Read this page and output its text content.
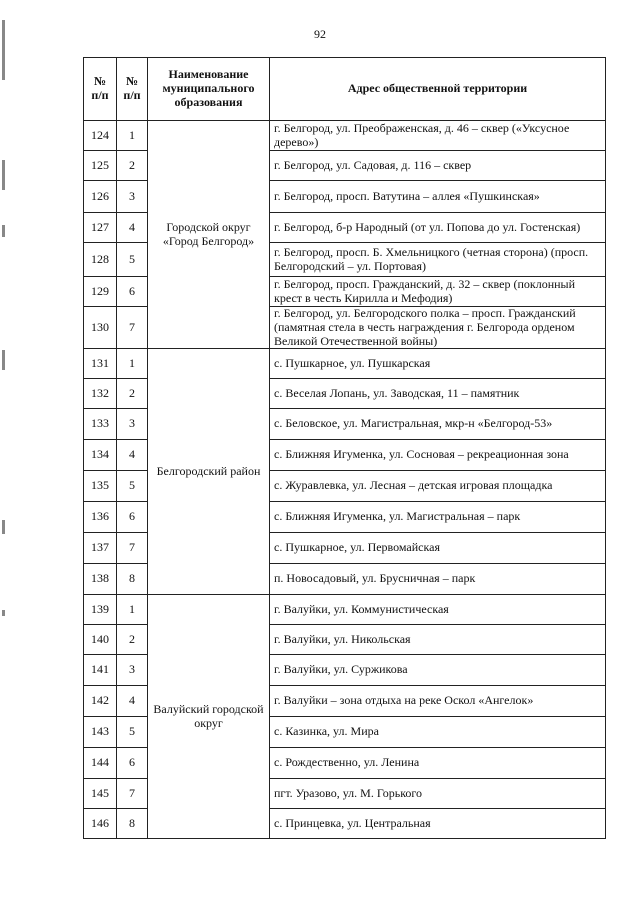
92
№ п/п	№ п/п	Наименование муниципального образования	Адрес общественной территории
124	1	Городской округ «Город Белгород»	г. Белгород, ул. Преображенская, д. 46 – сквер («Уксусное дерево»)
125	2		г. Белгород, ул. Садовая, д. 116 – сквер
126	3		г. Белгород, просп. Ватутина – аллея «Пушкинская»
127	4		г. Белгород, б-р Народный (от ул. Попова до ул. Гостенская)
128	5		г. Белгород, просп. Б. Хмельницкого (четная сторона) (просп. Белгородский – ул. Портовая)
129	6		г. Белгород, просп. Гражданский, д. 32 – сквер (поклонный крест в честь Кирилла и Мефодия)
130	7		г. Белгород, ул. Белгородского полка – просп. Гражданский (памятная стела в честь награждения г. Белгорода орденом Великой Отечественной войны)
131	1	Белгородский район	с. Пушкарное, ул. Пушкарская
132	2		с. Веселая Лопань, ул. Заводская, 11 – памятник
133	3		с. Беловское, ул. Магистральная, мкр-н «Белгород-53»
134	4		с. Ближняя Игуменка, ул. Сосновая – рекреационная зона
135	5		с. Журавлевка, ул. Лесная – детская игровая площадка
136	6		с. Ближняя Игуменка, ул. Магистральная – парк
137	7		с. Пушкарное, ул. Первомайская
138	8		п. Новосадовый, ул. Брусничная – парк
139	1	Валуйский городской округ	г. Валуйки, ул. Коммунистическая
140	2		г. Валуйки, ул. Никольская
141	3		г. Валуйки, ул. Суржикова
142	4		г. Валуйки – зона отдыха на реке Оскол «Ангелок»
143	5		с. Казинка, ул. Мира
144	6		с. Рождественно, ул. Ленина
145	7		пгт. Уразово, ул. М. Горького
146	8		с. Принцевка, ул. Центральная
